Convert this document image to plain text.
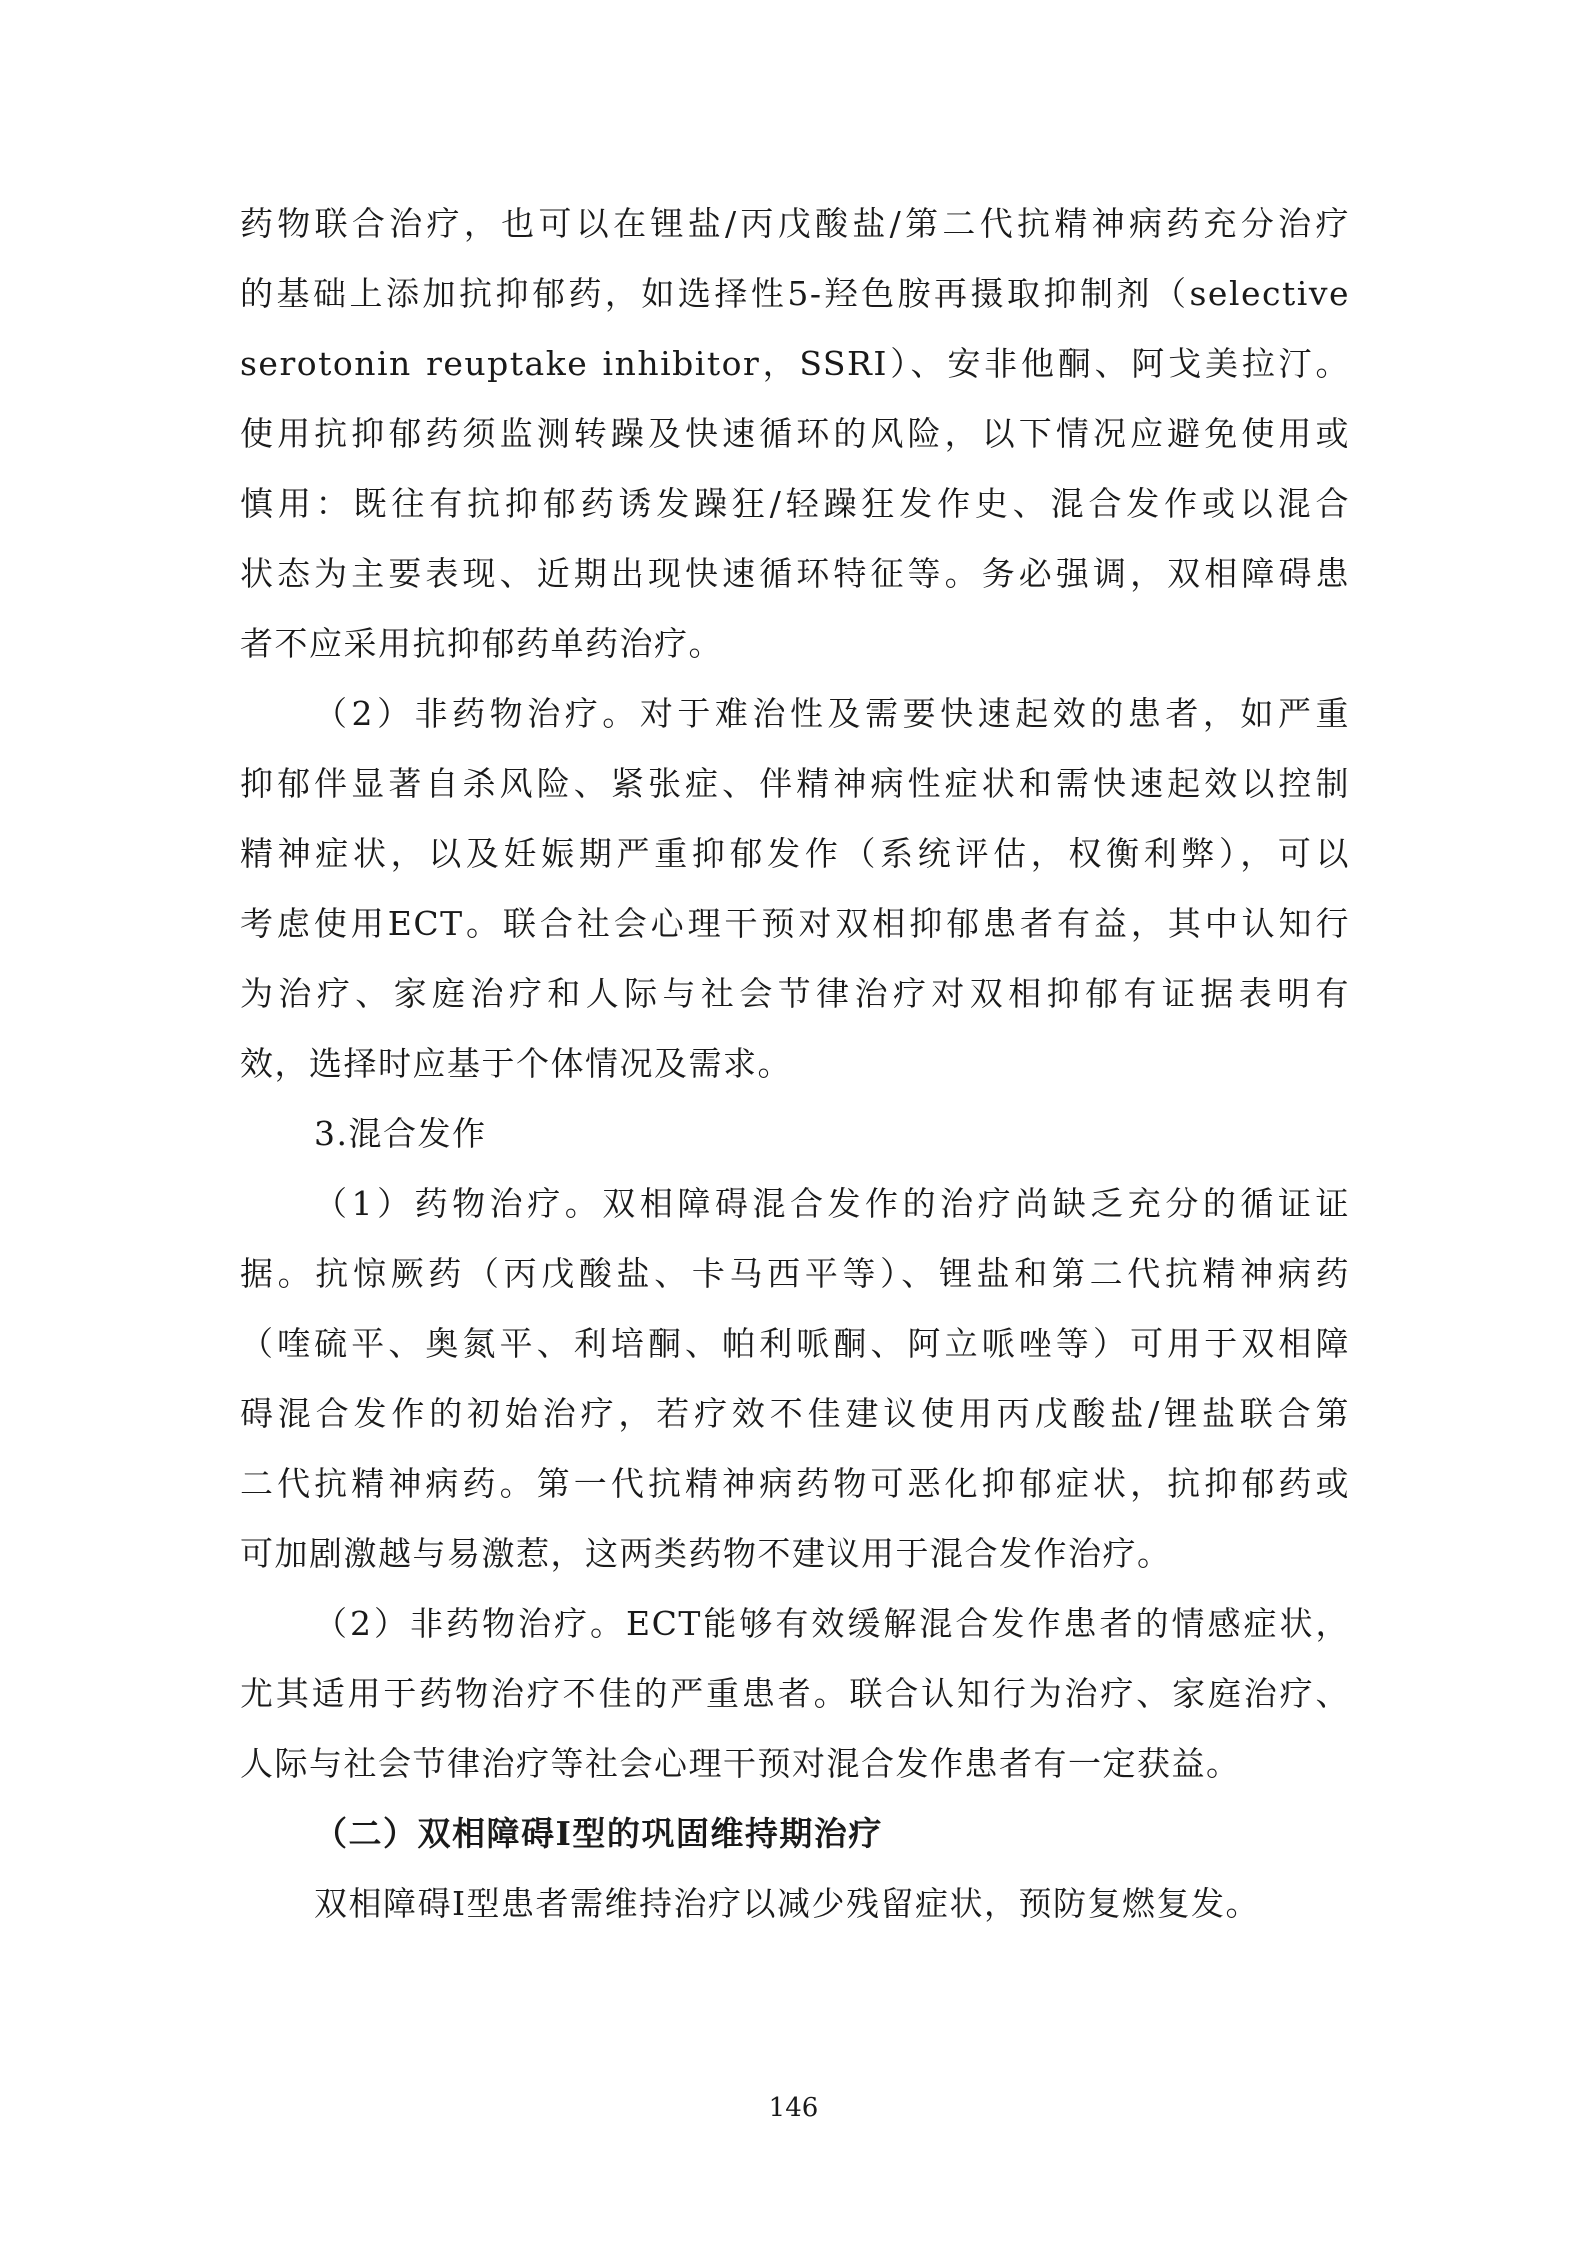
药物联合治疗，也可以在锂盐/丙戊酸盐/第二代抗精神病药充分治疗
的基础上添加抗抑郁药，如选择性5-羟色胺再摄取抑制剂（selective
serotonin reuptake inhibitor，SSRI）、安非他酮、阿戈美拉汀。
使用抗抑郁药须监测转躁及快速循环的风险，以下情况应避免使用或
慎用：既往有抗抑郁药诱发躁狂/轻躁狂发作史、混合发作或以混合
状态为主要表现、近期出现快速循环特征等。务必强调，双相障碍患
者不应采用抗抑郁药单药治疗。
（2）非药物治疗。对于难治性及需要快速起效的患者，如严重
抑郁伴显著自杀风险、紧张症、伴精神病性症状和需快速起效以控制
精神症状，以及妊娠期严重抑郁发作（系统评估，权衡利弊），可以
考虑使用ECT。联合社会心理干预对双相抑郁患者有益，其中认知行
为治疗、家庭治疗和人际与社会节律治疗对双相抑郁有证据表明有
效，选择时应基于个体情况及需求。
3.混合发作
（1）药物治疗。双相障碍混合发作的治疗尚缺乏充分的循证证
据。抗惊厥药（丙戊酸盐、卡马西平等）、锂盐和第二代抗精神病药
（喹硫平、奥氮平、利培酮、帕利哌酮、阿立哌唑等）可用于双相障
碍混合发作的初始治疗，若疗效不佳建议使用丙戊酸盐/锂盐联合第
二代抗精神病药。第一代抗精神病药物可恶化抑郁症状，抗抑郁药或
可加剧激越与易激惹，这两类药物不建议用于混合发作治疗。
（2）非药物治疗。ECT能够有效缓解混合发作患者的情感症状，
尤其适用于药物治疗不佳的严重患者。联合认知行为治疗、家庭治疗、
人际与社会节律治疗等社会心理干预对混合发作患者有一定获益。
（二）双相障碍Ⅰ型的巩固维持期治疗
双相障碍Ⅰ型患者需维持治疗以减少残留症状，预防复燃复发。
146
